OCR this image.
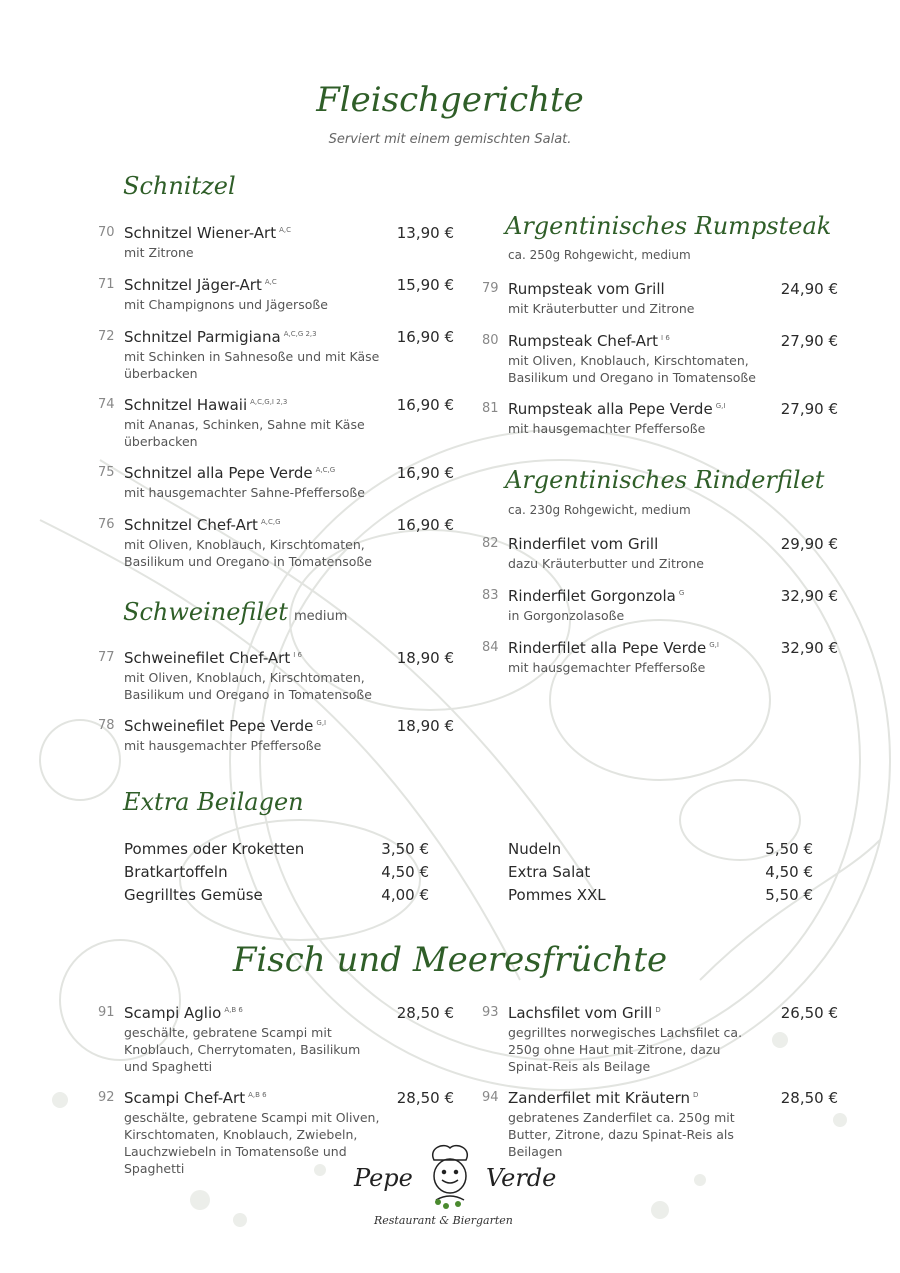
Fleischgerichte
Serviert mit einem gemischten Salat.
Schnitzel
70 Schnitzel Wiener-Art $^{A,C}$	13,90 €
mit Zitrone
71 Schnitzel Jäger-Art $^{A,C}$	15,90 €
mit Champignons und Jägersoße
72 Schnitzel Parmigiana $^{A,C,G 2,3}$	16,90 €
mit Schinken in Sahnesoße und mit Käse überbacken
74 Schnitzel Hawaii $^{A,C,G,I 2,3}$	16,90 €
mit Ananas, Schinken, Sahne mit Käse überbacken
75 Schnitzel alla Pepe Verde $^{A,C,G}$	16,90 €
mit hausgemachter Sahne-Pfeffersoße
76 Schnitzel Chef-Art $^{A,C,G}$	16,90 €
mit Oliven, Knoblauch, Kirschtomaten, Basilikum und Oregano in Tomatensoße
Schweinefilet medium
77 Schweinefilet Chef-Art $^{I 6}$	18,90 €
mit Oliven, Knoblauch, Kirschtomaten, Basilikum und Oregano in Tomatensoße
78 Schweinefilet Pepe Verde $^{G,I}$	18,90 €
mit hausgemachter Pfeffersoße
Argentinisches Rumpsteak
ca. 250g Rohgewicht, medium
79 Rumpsteak vom Grill	24,90 €
mit Kräuterbutter und Zitrone
80 Rumpsteak Chef-Art $^{I 6}$	27,90 €
mit Oliven, Knoblauch, Kirschtomaten, Basilikum und Oregano in Tomatensoße
81 Rumpsteak alla Pepe Verde $^{G,I}$	27,90 €
mit hausgemachter Pfeffersoße
Argentinisches Rinderfilet
ca. 230g Rohgewicht, medium
82 Rinderfilet vom Grill	29,90 €
dazu Kräuterbutter und Zitrone
83 Rinderfilet Gorgonzola $^G$	32,90 €
in Gorgonzolasoße
84 Rinderfilet alla Pepe Verde $^{G,I}$	32,90 €
mit hausgemachter Pfeffersoße
Extra Beilagen
Pommes oder Kroketten	3,50 €
Bratkartoffeln	4,50 €
Gegrilltes Gemüse	4,00 €
Nudeln	5,50 €
Extra Salat	4,50 €
Pommes XXL	5,50 €
Fisch und Meeresfrüchte
91 Scampi Aglio $^{A,B 6}$	28,50 €
geschälte, gebratene Scampi mit Knoblauch, Cherrytomaten, Basilikum und Spaghetti
92 Scampi Chef-Art $^{A,B 6}$	28,50 €
geschälte, gebratene Scampi mit Oliven, Kirschtomaten, Knoblauch, Zwiebeln, Lauchzwiebeln in Tomatensoße und Spaghetti
93 Lachsfilet vom Grill $^D$	26,50 €
gegrilltes norwegisches Lachsfilet ca. 250g ohne Haut mit Zitrone, dazu Spinat-Reis als Beilage
94 Zanderfilet mit Kräutern $^D$	28,50 €
gebratenes Zanderfilet ca. 250g mit Butter, Zitrone, dazu Spinat-Reis als Beilagen
Pepe	Verde
Restaurant & Biergarten
